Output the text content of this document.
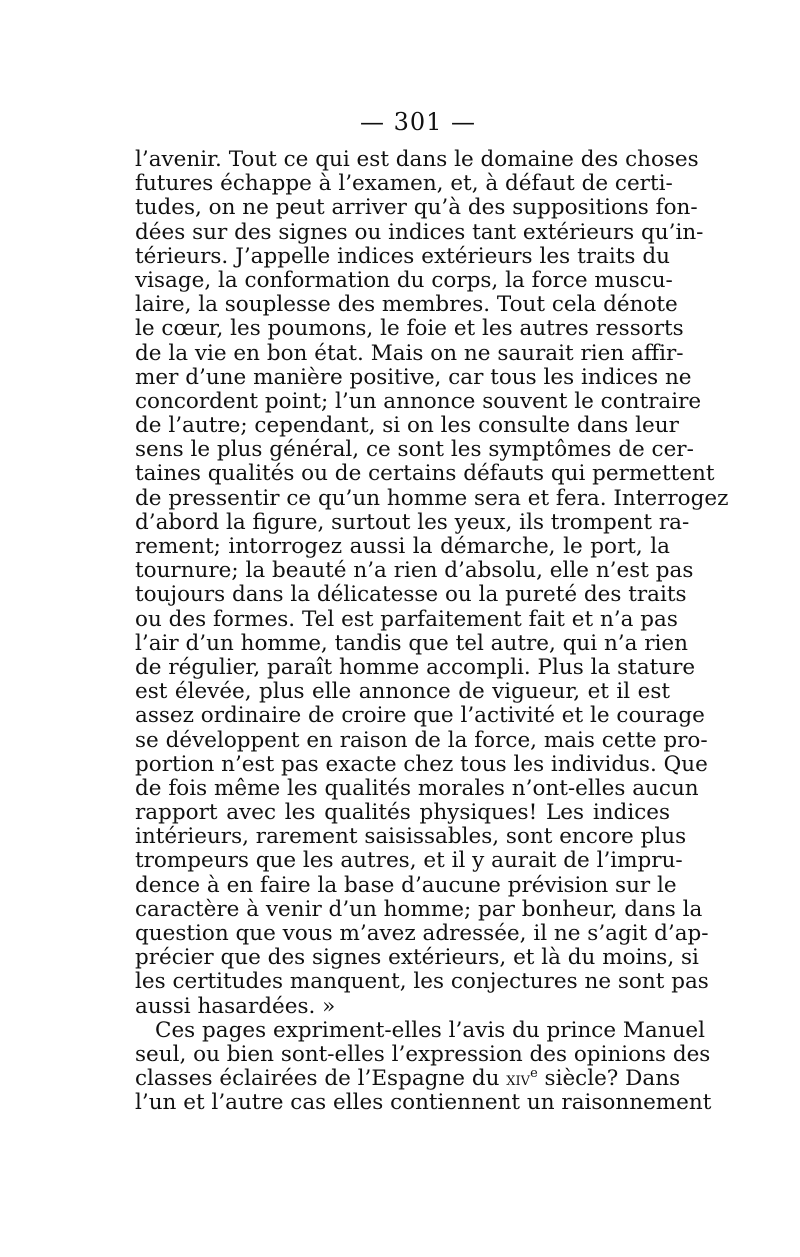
— 301 —
l’avenir. Tout ce qui est dans le domaine des choses
futures échappe à l’examen, et, à défaut de certi-
tudes, on ne peut arriver qu’à des suppositions fon-
dées sur des signes ou indices tant extérieurs qu’in-
térieurs. J’appelle indices extérieurs les traits du
visage, la conformation du corps, la force muscu-
laire, la souplesse des membres. Tout cela dénote
le cœur, les poumons, le foie et les autres ressorts
de la vie en bon état. Mais on ne saurait rien affir-
mer d’une manière positive, car tous les indices ne
concordent point; l’un annonce souvent le contraire
de l’autre; cependant, si on les consulte dans leur
sens le plus général, ce sont les symptômes de cer-
taines qualités ou de certains défauts qui permettent
de pressentir ce qu’un homme sera et fera. Interrogez
d’abord la figure, surtout les yeux, ils trompent ra-
rement; intorrogez aussi la démarche, le port, la
tournure; la beauté n’a rien d’absolu, elle n’est pas
toujours dans la délicatesse ou la pureté des traits
ou des formes. Tel est parfaitement fait et n’a pas
l’air d’un homme, tandis que tel autre, qui n’a rien
de régulier, paraît homme accompli. Plus la stature
est élevée, plus elle annonce de vigueur, et il est
assez ordinaire de croire que l’activité et le courage
se développent en raison de la force, mais cette pro-
portion n’est pas exacte chez tous les individus. Que
de fois même les qualités morales n’ont-elles aucun
rapport avec les qualités physiques! Les indices
intérieurs, rarement saisissables, sont encore plus
trompeurs que les autres, et il y aurait de l’impru-
dence à en faire la base d’aucune prévision sur le
caractère à venir d’un homme; par bonheur, dans la
question que vous m’avez adressée, il ne s’agit d’ap-
précier que des signes extérieurs, et là du moins, si
les certitudes manquent, les conjectures ne sont pas
aussi hasardées. »
Ces pages expriment-elles l’avis du prince Manuel
seul, ou bien sont-elles l’expression des opinions des
classes éclairées de l’Espagne du xiv$^e$ siècle? Dans
l’un et l’autre cas elles contiennent un raisonnement
